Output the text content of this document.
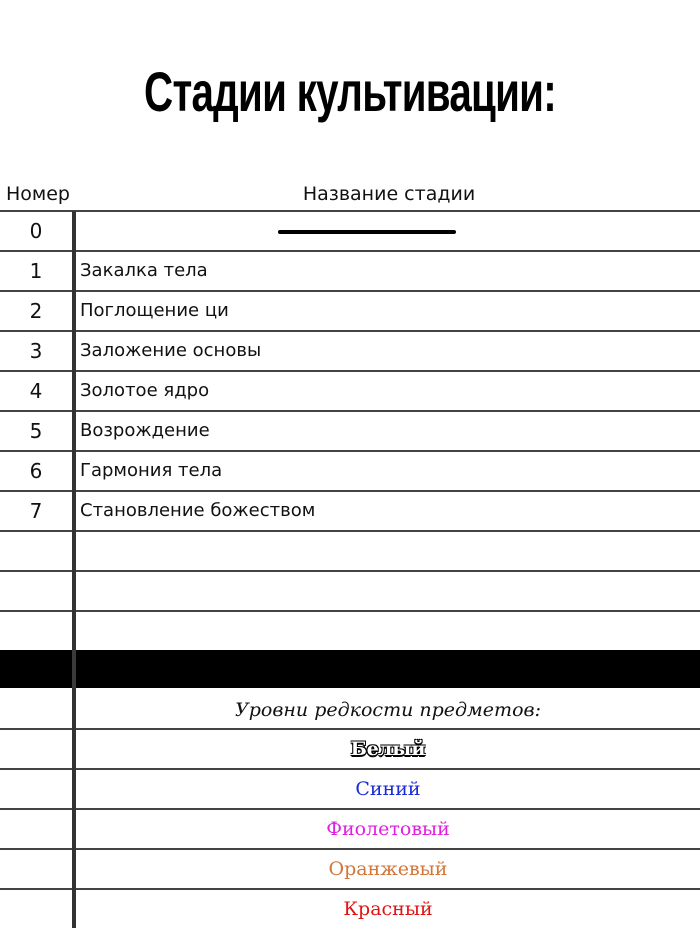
Стадии культивации:
Номер	Название стадии
0
1	Закалка тела
2	Поглощение ци
3	Заложение основы
4	Золотое ядро
5	Возрождение
6	Гармония тела
7	Становление божеством
Уровни редкости предметов:
Белый
Синий
Фиолетовый
Оранжевый
Красный
